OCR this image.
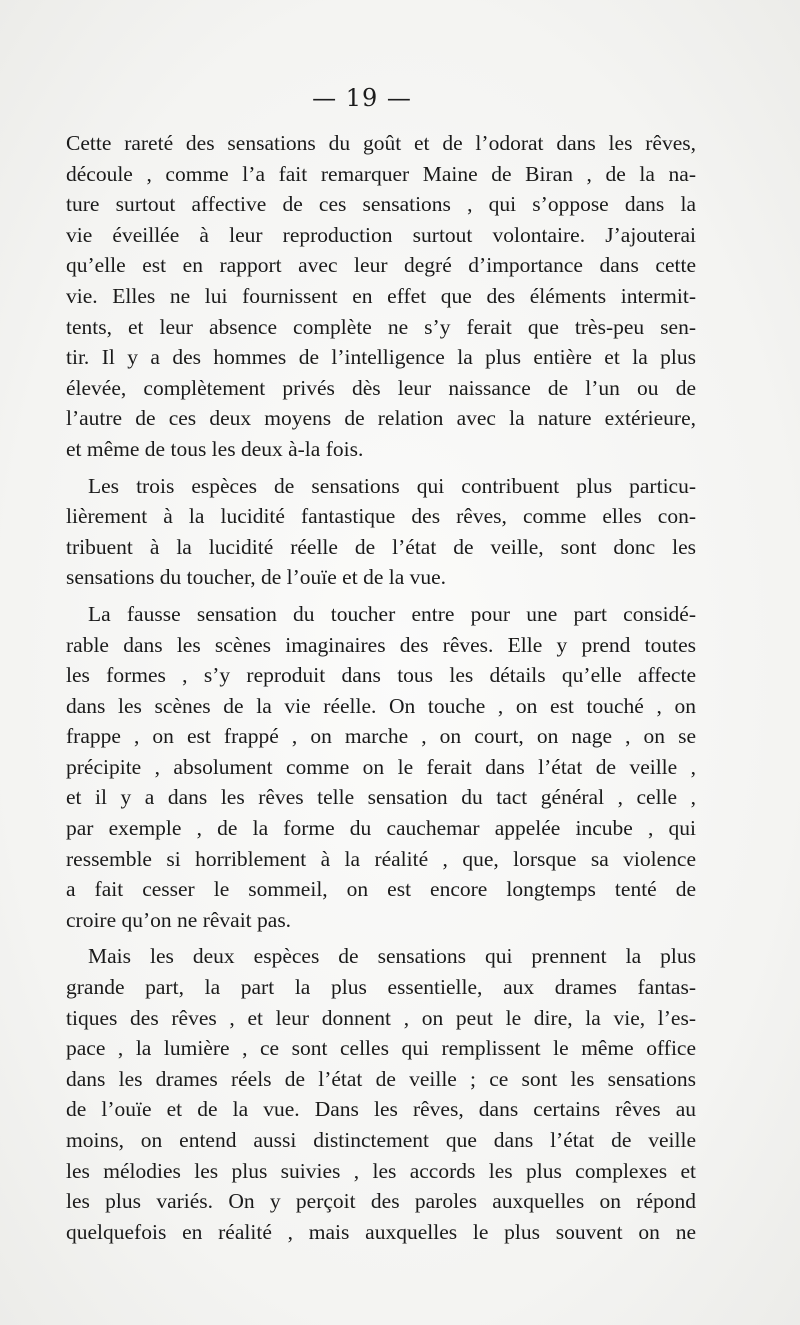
— 19 —
Cette rareté des sensations du goût et de l’odorat dans les rêves,
découle , comme l’a fait remarquer Maine de Biran , de la na-
ture surtout affective de ces sensations , qui s’oppose dans la
vie éveillée à leur reproduction surtout volontaire. J’ajouterai
qu’elle est en rapport avec leur degré d’importance dans cette
vie. Elles ne lui fournissent en effet que des éléments intermit-
tents, et leur absence complète ne s’y ferait que très-peu sen-
tir. Il y a des hommes de l’intelligence la plus entière et la plus
élevée, complètement privés dès leur naissance de l’un ou de
l’autre de ces deux moyens de relation avec la nature extérieure,
et même de tous les deux à-la fois.
Les trois espèces de sensations qui contribuent plus particu-
lièrement à la lucidité fantastique des rêves, comme elles con-
tribuent à la lucidité réelle de l’état de veille, sont donc les
sensations du toucher, de l’ouïe et de la vue.
La fausse sensation du toucher entre pour une part considé-
rable dans les scènes imaginaires des rêves. Elle y prend toutes
les formes , s’y reproduit dans tous les détails qu’elle affecte
dans les scènes de la vie réelle. On touche , on est touché , on
frappe , on est frappé , on marche , on court, on nage , on se
précipite , absolument comme on le ferait dans l’état de veille ,
et il y a dans les rêves telle sensation du tact général , celle ,
par exemple , de la forme du cauchemar appelée incube , qui
ressemble si horriblement à la réalité , que, lorsque sa violence
a fait cesser le sommeil, on est encore longtemps tenté de
croire qu’on ne rêvait pas.
Mais les deux espèces de sensations qui prennent la plus
grande part, la part la plus essentielle, aux drames fantas-
tiques des rêves , et leur donnent , on peut le dire, la vie, l’es-
pace , la lumière , ce sont celles qui remplissent le même office
dans les drames réels de l’état de veille ; ce sont les sensations
de l’ouïe et de la vue. Dans les rêves, dans certains rêves au
moins, on entend aussi distinctement que dans l’état de veille
les mélodies les plus suivies , les accords les plus complexes et
les plus variés. On y perçoit des paroles auxquelles on répond
quelquefois en réalité , mais auxquelles le plus souvent on ne
